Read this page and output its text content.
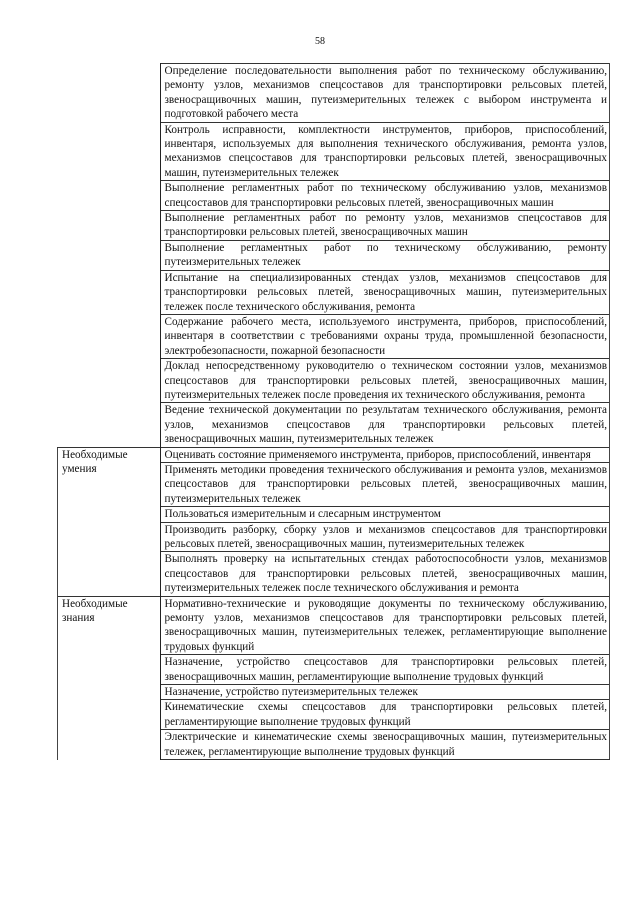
58
	Определение последовательности выполнения работ по техническому обслуживанию, ремонту узлов, механизмов спецсоставов для транспортировки рельсовых плетей, звеносращивочных машин, путеизмерительных тележек с выбором инструмента и подготовкой рабочего места
	Контроль исправности, комплектности инструментов, приборов, приспособлений, инвентаря, используемых для выполнения технического обслуживания, ремонта узлов, механизмов спецсоставов для транспортировки рельсовых плетей, звеносращивочных машин, путеизмерительных тележек
	Выполнение регламентных работ по техническому обслуживанию узлов, механизмов спецсоставов для транспортировки рельсовых плетей, звеносращивочных машин
	Выполнение регламентных работ по ремонту узлов, механизмов спецсоставов для транспортировки рельсовых плетей, звеносращивочных машин
	Выполнение регламентных работ по техническому обслуживанию, ремонту путеизмерительных тележек
	Испытание на специализированных стендах узлов, механизмов спецсоставов для транспортировки рельсовых плетей, звеносращивочных машин, путеизмерительных тележек после технического обслуживания, ремонта
	Содержание рабочего места, используемого инструмента, приборов, приспособлений, инвентаря в соответствии с требованиями охраны труда, промышленной безопасности, электробезопасности, пожарной безопасности
	Доклад непосредственному руководителю о техническом состоянии узлов, механизмов спецсоставов для транспортировки рельсовых плетей, звеносращивочных машин, путеизмерительных тележек после проведения их технического обслуживания, ремонта
	Ведение технической документации по результатам технического обслуживания, ремонта узлов, механизмов спецсоставов для транспортировки рельсовых плетей, звеносращивочных машин, путеизмерительных тележек
Необходимые умения	Оценивать состояние применяемого инструмента, приборов, приспособлений, инвентаря
	Применять методики проведения технического обслуживания и ремонта узлов, механизмов спецсоставов для транспортировки рельсовых плетей, звеносращивочных машин, путеизмерительных тележек
	Пользоваться измерительным и слесарным инструментом
	Производить разборку, сборку узлов и механизмов спецсоставов для транспортировки рельсовых плетей, звеносращивочных машин, путеизмерительных тележек
	Выполнять проверку на испытательных стендах работоспособности узлов, механизмов спецсоставов для транспортировки рельсовых плетей, звеносращивочных машин, путеизмерительных тележек после технического обслуживания и ремонта
Необходимые знания	Нормативно-технические и руководящие документы по техническому обслуживанию, ремонту узлов, механизмов спецсоставов для транспортировки рельсовых плетей, звеносращивочных машин, путеизмерительных тележек, регламентирующие выполнение трудовых функций
	Назначение, устройство спецсоставов для транспортировки рельсовых плетей, звеносращивочных машин, регламентирующие выполнение трудовых функций
	Назначение, устройство путеизмерительных тележек
	Кинематические схемы спецсоставов для транспортировки рельсовых плетей, регламентирующие выполнение трудовых функций
	Электрические и кинематические схемы звеносращивочных машин, путеизмерительных тележек, регламентирующие выполнение трудовых функций
